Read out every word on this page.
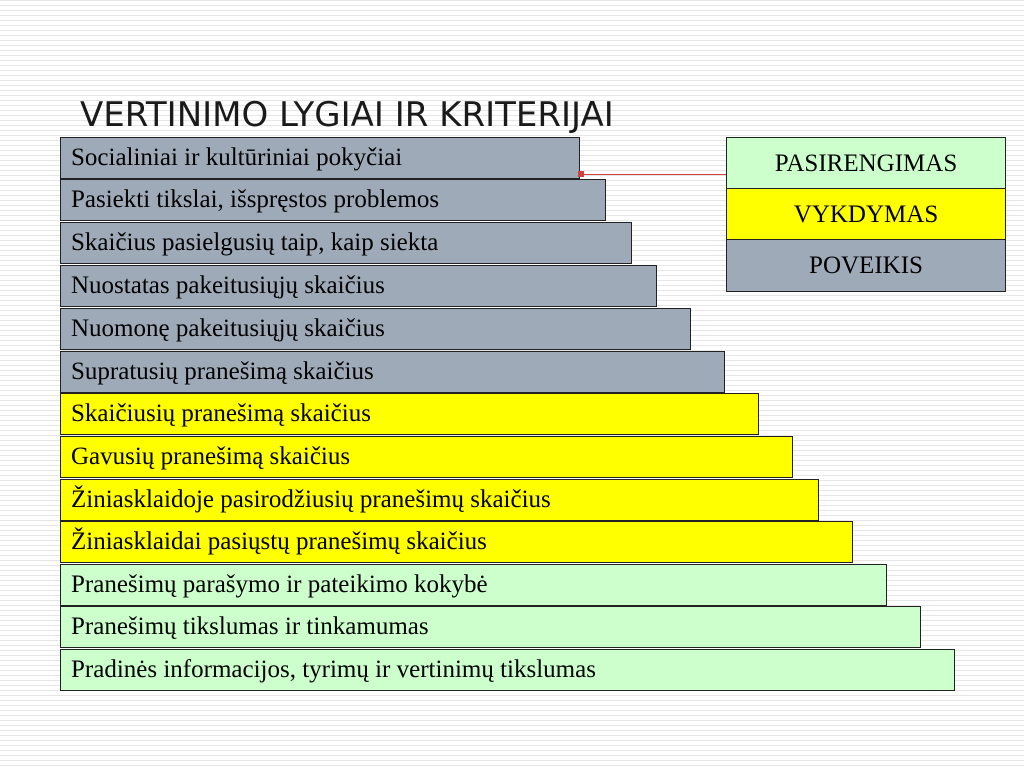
VERTINIMO LYGIAI IR KRITERIJAI
Socialiniai ir kultūriniai pokyčiai
Pasiekti tikslai, išspręstos problemos
Skaičius pasielgusių taip, kaip siekta
Nuostatas pakeitusiųjų skaičius
Nuomonę pakeitusiųjų skaičius
Supratusių pranešimą skaičius
Skaičiusių pranešimą skaičius
Gavusių pranešimą skaičius
Žiniasklaidoje pasirodžiusių pranešimų skaičius
Žiniasklaidai pasiųstų pranešimų skaičius
Pranešimų parašymo ir pateikimo kokybė
Pranešimų tikslumas ir tinkamumas
Pradinės informacijos, tyrimų ir vertinimų tikslumas
PASIRENGIMAS
VYKDYMAS
POVEIKIS
